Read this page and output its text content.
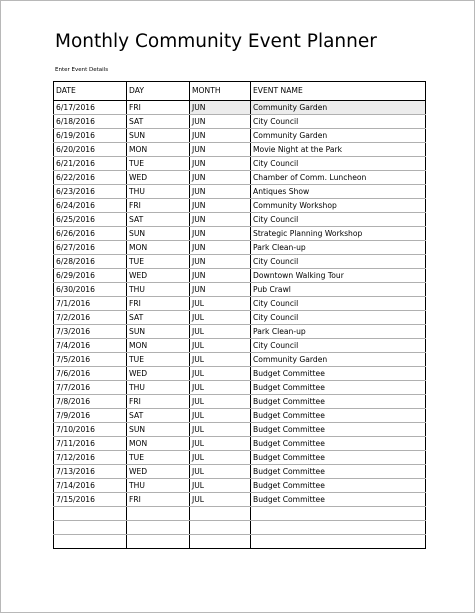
Monthly Community Event Planner
Enter Event Details
DATE	DAY	MONTH	EVENT NAME
6/17/2016	FRI	JUN	Community Garden
6/18/2016	SAT	JUN	City Council
6/19/2016	SUN	JUN	Community Garden
6/20/2016	MON	JUN	Movie Night at the Park
6/21/2016	TUE	JUN	City Council
6/22/2016	WED	JUN	Chamber of Comm. Luncheon
6/23/2016	THU	JUN	Antiques Show
6/24/2016	FRI	JUN	Community Workshop
6/25/2016	SAT	JUN	City Council
6/26/2016	SUN	JUN	Strategic Planning Workshop
6/27/2016	MON	JUN	Park Clean-up
6/28/2016	TUE	JUN	City Council
6/29/2016	WED	JUN	Downtown Walking Tour
6/30/2016	THU	JUN	Pub Crawl
7/1/2016	FRI	JUL	City Council
7/2/2016	SAT	JUL	City Council
7/3/2016	SUN	JUL	Park Clean-up
7/4/2016	MON	JUL	City Council
7/5/2016	TUE	JUL	Community Garden
7/6/2016	WED	JUL	Budget Committee
7/7/2016	THU	JUL	Budget Committee
7/8/2016	FRI	JUL	Budget Committee
7/9/2016	SAT	JUL	Budget Committee
7/10/2016	SUN	JUL	Budget Committee
7/11/2016	MON	JUL	Budget Committee
7/12/2016	TUE	JUL	Budget Committee
7/13/2016	WED	JUL	Budget Committee
7/14/2016	THU	JUL	Budget Committee
7/15/2016	FRI	JUL	Budget Committee
